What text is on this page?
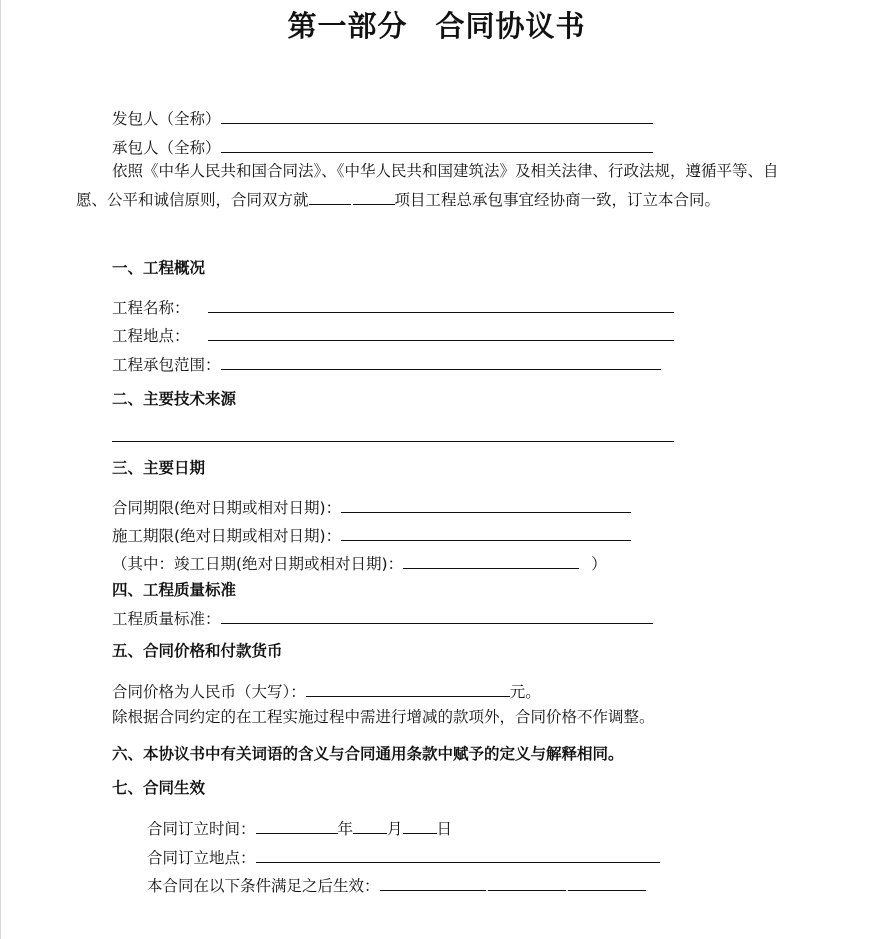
第一部分 合同协议书
发包人（全称）
承包人（全称）
依照《中华人民共和国合同法》、《中华人民共和国建筑法》及相关法律、行政法规，遵循平等、自愿、公平和诚信原则，合同双方就	项目工程总承包事宜经协商一致，订立本合同。
一、工程概况
工程名称：
工程地点：
工程承包范围：
二、主要技术来源
三、主要日期
合同期限(绝对日期或相对日期)：
施工期限(绝对日期或相对日期)：
（其中：竣工日期(绝对日期或相对日期)：	）
四、工程质量标准
工程质量标准：
五、合同价格和付款货币
合同价格为人民币（大写）：	元。
除根据合同约定的在工程实施过程中需进行增减的款项外，合同价格不作调整。
六、本协议书中有关词语的含义与合同通用条款中赋予的定义与解释相同。
七、合同生效
合同订立时间：	年 月 日
合同订立地点：
本合同在以下条件满足之后生效：
